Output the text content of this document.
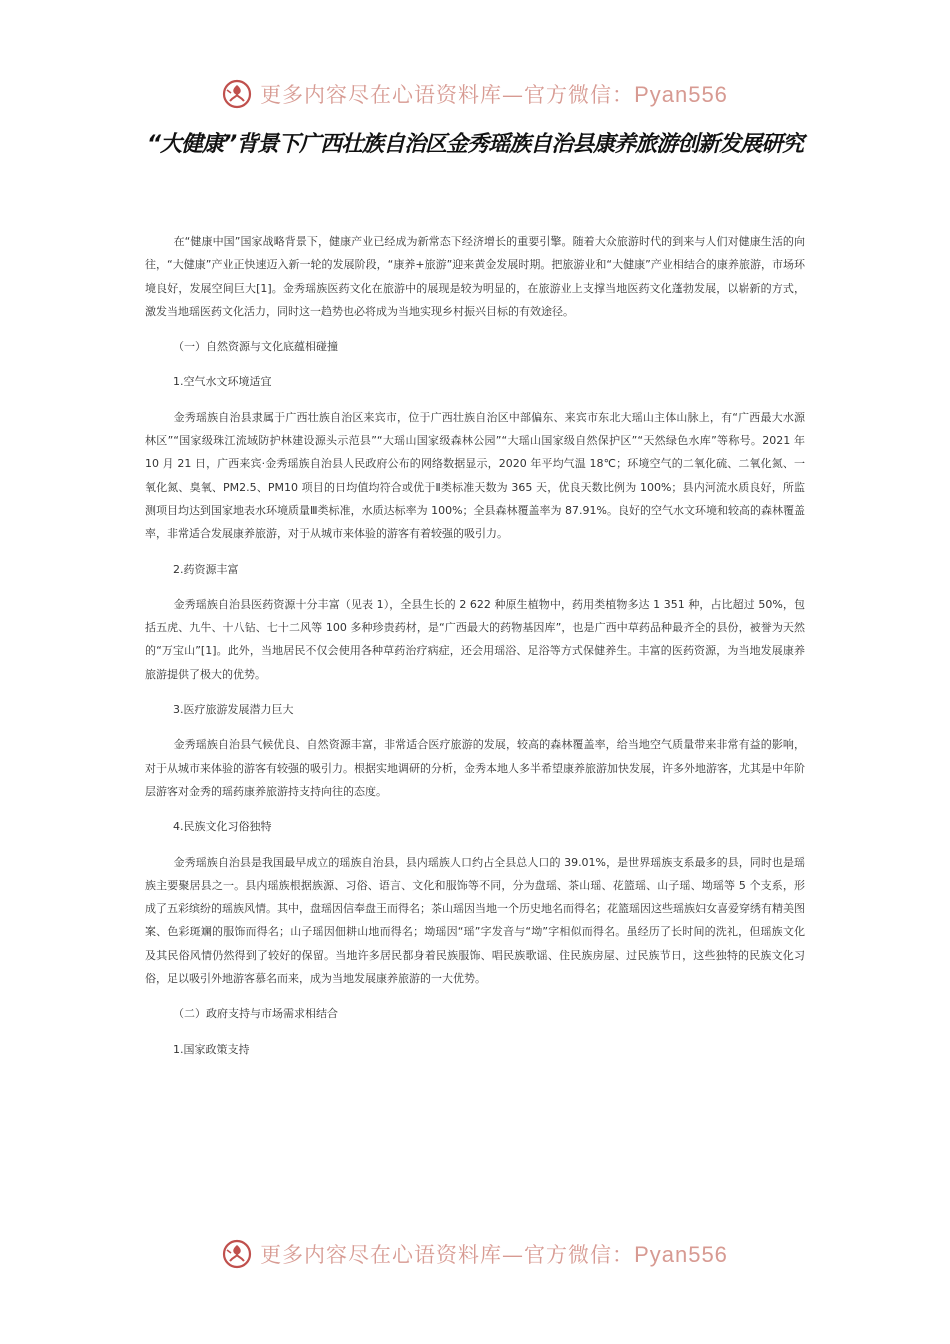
更多内容尽在心语资料库—官方微信：Pyan556
“大健康”背景下广西壮族自治区金秀瑶族自治县康养旅游创新发展研究

在“健康中国”国家战略背景下，健康产业已经成为新常态下经济增长的重要引擎。随着大众旅游时代的到来与人们对健康生活的向往，“大健康”产业正快速迈入新一轮的发展阶段，“康养+旅游”迎来黄金发展时期。把旅游业和“大健康”产业相结合的康养旅游，市场环境良好，发展空间巨大[1]。金秀瑶族医药文化在旅游中的展现是较为明显的，在旅游业上支撑当地医药文化蓬勃发展，以崭新的方式，激发当地瑶医药文化活力，同时这一趋势也必将成为当地实现乡村振兴目标的有效途径。

（一）自然资源与文化底蕴相碰撞

1.空气水文环境适宜

金秀瑶族自治县隶属于广西壮族自治区来宾市，位于广西壮族自治区中部偏东、来宾市东北大瑶山主体山脉上，有“广西最大水源林区”“国家级珠江流域防护林建设源头示范县”“大瑶山国家级森林公园”“大瑶山国家级自然保护区”“天然绿色水库”等称号。2021 年 10 月 21 日，广西来宾·金秀瑶族自治县人民政府公布的网络数据显示，2020 年平均气温 18℃；环境空气的二氧化硫、二氧化氮、一氧化氮、臭氧、PM2.5、PM10 项目的日均值均符合或优于Ⅱ类标准天数为 365 天，优良天数比例为 100%；县内河流水质良好，所监测项目均达到国家地表水环境质量Ⅲ类标准，水质达标率为 100%；全县森林覆盖率为 87.91%。良好的空气水文环境和较高的森林覆盖率，非常适合发展康养旅游，对于从城市来体验的游客有着较强的吸引力。

2.药资源丰富

金秀瑶族自治县医药资源十分丰富（见表 1），全县生长的 2 622 种原生植物中，药用类植物多达 1 351 种，占比超过 50%，包括五虎、九牛、十八钻、七十二风等 100 多种珍贵药材，是“广西最大的药物基因库”，也是广西中草药品种最齐全的县份，被誉为天然的“万宝山”[1]。此外，当地居民不仅会使用各种草药治疗病症，还会用瑶浴、足浴等方式保健养生。丰富的医药资源，为当地发展康养旅游提供了极大的优势。

3.医疗旅游发展潜力巨大

金秀瑶族自治县气候优良、自然资源丰富，非常适合医疗旅游的发展，较高的森林覆盖率，给当地空气质量带来非常有益的影响，对于从城市来体验的游客有较强的吸引力。根据实地调研的分析，金秀本地人多半希望康养旅游加快发展，许多外地游客，尤其是中年阶层游客对金秀的瑶药康养旅游持支持向往的态度。

4.民族文化习俗独特

金秀瑶族自治县是我国最早成立的瑶族自治县，县内瑶族人口约占全县总人口的 39.01%，是世界瑶族支系最多的县，同时也是瑶族主要聚居县之一。县内瑶族根据族源、习俗、语言、文化和服饰等不同，分为盘瑶、茶山瑶、花篮瑶、山子瑶、坳瑶等 5 个支系，形成了五彩缤纷的瑶族风情。其中，盘瑶因信奉盘王而得名；茶山瑶因当地一个历史地名而得名；花篮瑶因这些瑶族妇女喜爱穿绣有精美图案、色彩斑斓的服饰而得名；山子瑶因佃耕山地而得名；坳瑶因“瑶”字发音与“坳”字相似而得名。虽经历了长时间的洗礼，但瑶族文化及其民俗风情仍然得到了较好的保留。当地许多居民都身着民族服饰、唱民族歌谣、住民族房屋、过民族节日，这些独特的民族文化习俗，足以吸引外地游客慕名而来，成为当地发展康养旅游的一大优势。

（二）政府支持与市场需求相结合

1.国家政策支持

更多内容尽在心语资料库—官方微信：Pyan556
